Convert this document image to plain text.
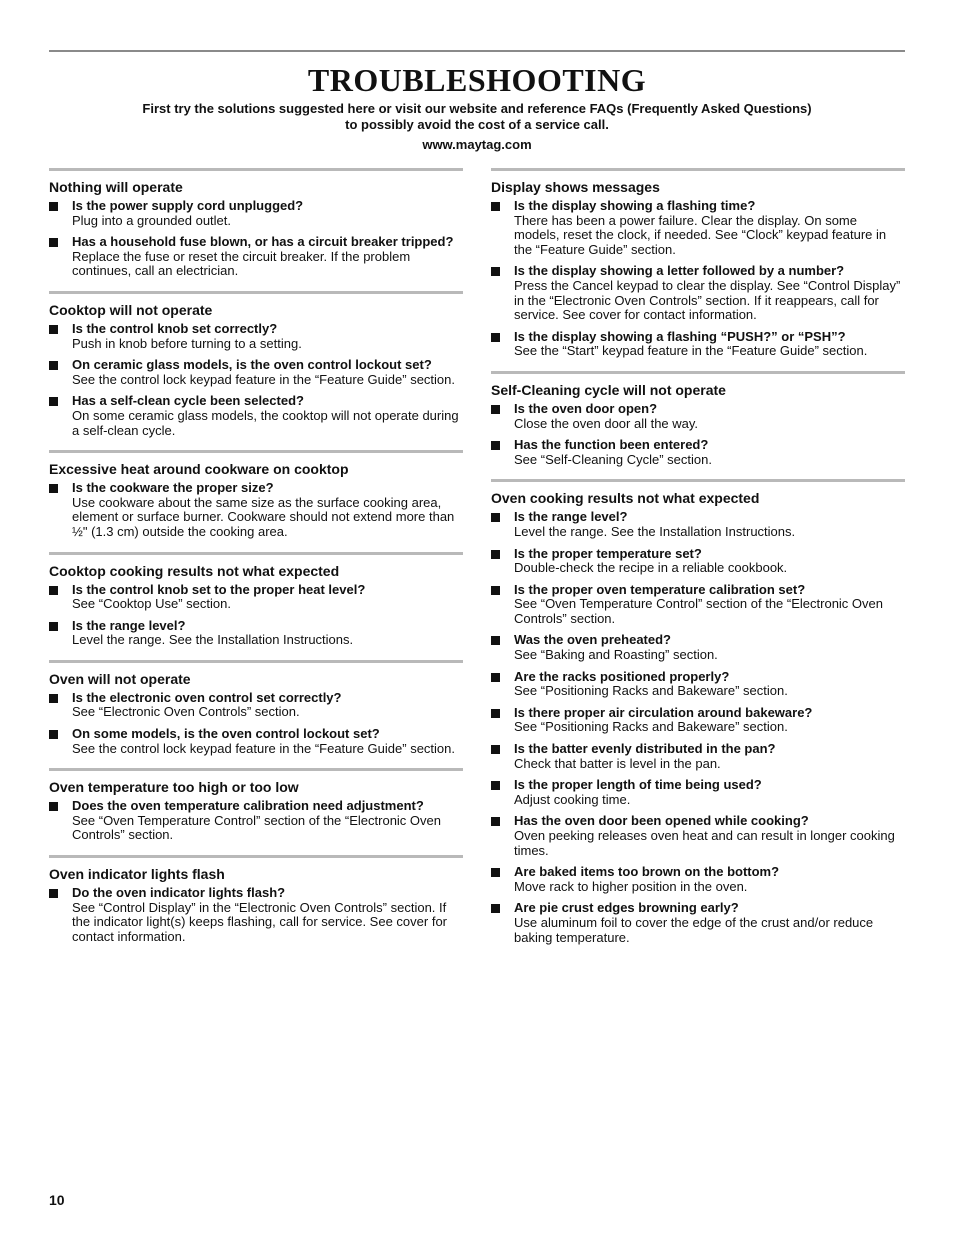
TROUBLESHOOTING
First try the solutions suggested here or visit our website and reference FAQs (Frequently Asked Questions)
to possibly avoid the cost of a service call.
www.maytag.com
Nothing will operate
Is the power supply cord unplugged?
Plug into a grounded outlet.
Has a household fuse blown, or has a circuit breaker tripped?
Replace the fuse or reset the circuit breaker. If the problem continues, call an electrician.
Cooktop will not operate
Is the control knob set correctly?
Push in knob before turning to a setting.
On ceramic glass models, is the oven control lockout set?
See the control lock keypad feature in the “Feature Guide” section.
Has a self-clean cycle been selected?
On some ceramic glass models, the cooktop will not operate during a self-clean cycle.
Excessive heat around cookware on cooktop
Is the cookware the proper size?
Use cookware about the same size as the surface cooking area, element or surface burner. Cookware should not extend more than ½" (1.3 cm) outside the cooking area.
Cooktop cooking results not what expected
Is the control knob set to the proper heat level?
See “Cooktop Use” section.
Is the range level?
Level the range. See the Installation Instructions.
Oven will not operate
Is the electronic oven control set correctly?
See “Electronic Oven Controls” section.
On some models, is the oven control lockout set?
See the control lock keypad feature in the “Feature Guide” section.
Oven temperature too high or too low
Does the oven temperature calibration need adjustment?
See “Oven Temperature Control” section of the “Electronic Oven Controls” section.
Oven indicator lights flash
Do the oven indicator lights flash?
See “Control Display” in the “Electronic Oven Controls” section. If the indicator light(s) keeps flashing, call for service. See cover for contact information.
Display shows messages
Is the display showing a flashing time?
There has been a power failure. Clear the display. On some models, reset the clock, if needed. See “Clock” keypad feature in the “Feature Guide” section.
Is the display showing a letter followed by a number?
Press the Cancel keypad to clear the display. See “Control Display” in the “Electronic Oven Controls” section. If it reappears, call for service. See cover for contact information.
Is the display showing a flashing “PUSH?” or “PSH”?
See the “Start” keypad feature in the “Feature Guide” section.
Self-Cleaning cycle will not operate
Is the oven door open?
Close the oven door all the way.
Has the function been entered?
See “Self-Cleaning Cycle” section.
Oven cooking results not what expected
Is the range level?
Level the range. See the Installation Instructions.
Is the proper temperature set?
Double-check the recipe in a reliable cookbook.
Is the proper oven temperature calibration set?
See “Oven Temperature Control” section of the “Electronic Oven Controls” section.
Was the oven preheated?
See “Baking and Roasting” section.
Are the racks positioned properly?
See “Positioning Racks and Bakeware” section.
Is there proper air circulation around bakeware?
See “Positioning Racks and Bakeware” section.
Is the batter evenly distributed in the pan?
Check that batter is level in the pan.
Is the proper length of time being used?
Adjust cooking time.
Has the oven door been opened while cooking?
Oven peeking releases oven heat and can result in longer cooking times.
Are baked items too brown on the bottom?
Move rack to higher position in the oven.
Are pie crust edges browning early?
Use aluminum foil to cover the edge of the crust and/or reduce baking temperature.
10
